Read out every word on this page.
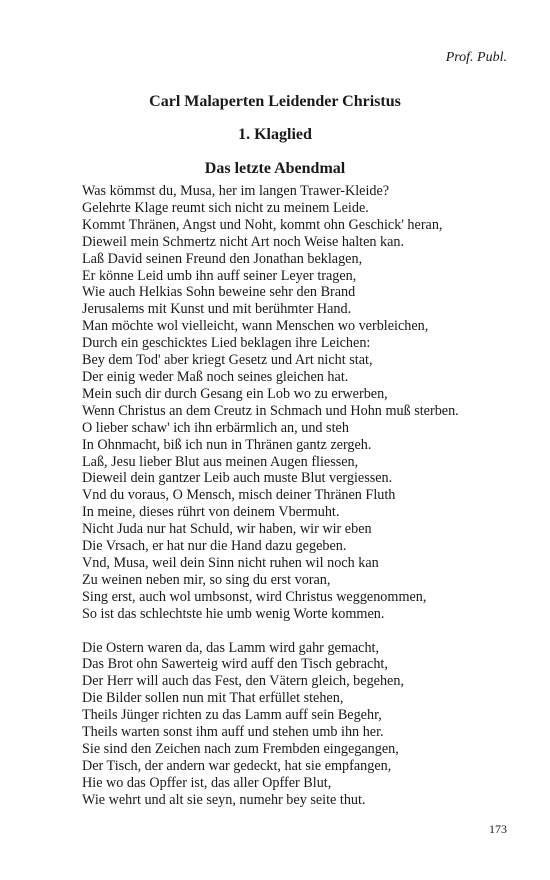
Prof. Publ.
Carl Malaperten Leidender Christus
1. Klaglied
Das letzte Abendmal
Was kömmst du, Musa, her im langen Trawer-Kleide?
Gelehrte Klage reumt sich nicht zu meinem Leide.
Kommt Thränen, Angst und Noht, kommt ohn Geschick' heran,
Dieweil mein Schmertz nicht Art noch Weise halten kan.
Laß David seinen Freund den Jonathan beklagen,
Er könne Leid umb ihn auff seiner Leyer tragen,
Wie auch Helkias Sohn beweine sehr den Brand
Jerusalems mit Kunst und mit berühmter Hand.
Man möchte wol vielleicht, wann Menschen wo verbleichen,
Durch ein geschicktes Lied beklagen ihre Leichen:
Bey dem Tod' aber kriegt Gesetz und Art nicht stat,
Der einig weder Maß noch seines gleichen hat.
Mein such dir durch Gesang ein Lob wo zu erwerben,
Wenn Christus an dem Creutz in Schmach und Hohn muß sterben.
O lieber schaw' ich ihn erbärmlich an, und steh
In Ohnmacht, biß ich nun in Thränen gantz zergeh.
Laß, Jesu lieber Blut aus meinen Augen fliessen,
Dieweil dein gantzer Leib auch muste Blut vergiessen.
Vnd du voraus, O Mensch, misch deiner Thränen Fluth
In meine, dieses rührt von deinem Vbermuht.
Nicht Juda nur hat Schuld, wir haben, wir wir eben
Die Vrsach, er hat nur die Hand dazu gegeben.
Vnd, Musa, weil dein Sinn nicht ruhen wil noch kan
Zu weinen neben mir, so sing du erst voran,
Sing erst, auch wol umbsonst, wird Christus weggenommen,
So ist das schlechtste hie umb wenig Worte kommen.
Die Ostern waren da, das Lamm wird gahr gemacht,
Das Brot ohn Sawerteig wird auff den Tisch gebracht,
Der Herr will auch das Fest, den Vätern gleich, begehen,
Die Bilder sollen nun mit That erfüllet stehen,
Theils Jünger richten zu das Lamm auff sein Begehr,
Theils warten sonst ihm auff und stehen umb ihn her.
Sie sind den Zeichen nach zum Frembden eingegangen,
Der Tisch, der andern war gedeckt, hat sie empfangen,
Hie wo das Opffer ist, das aller Opffer Blut,
Wie wehrt und alt sie seyn, numehr bey seite thut.
173
